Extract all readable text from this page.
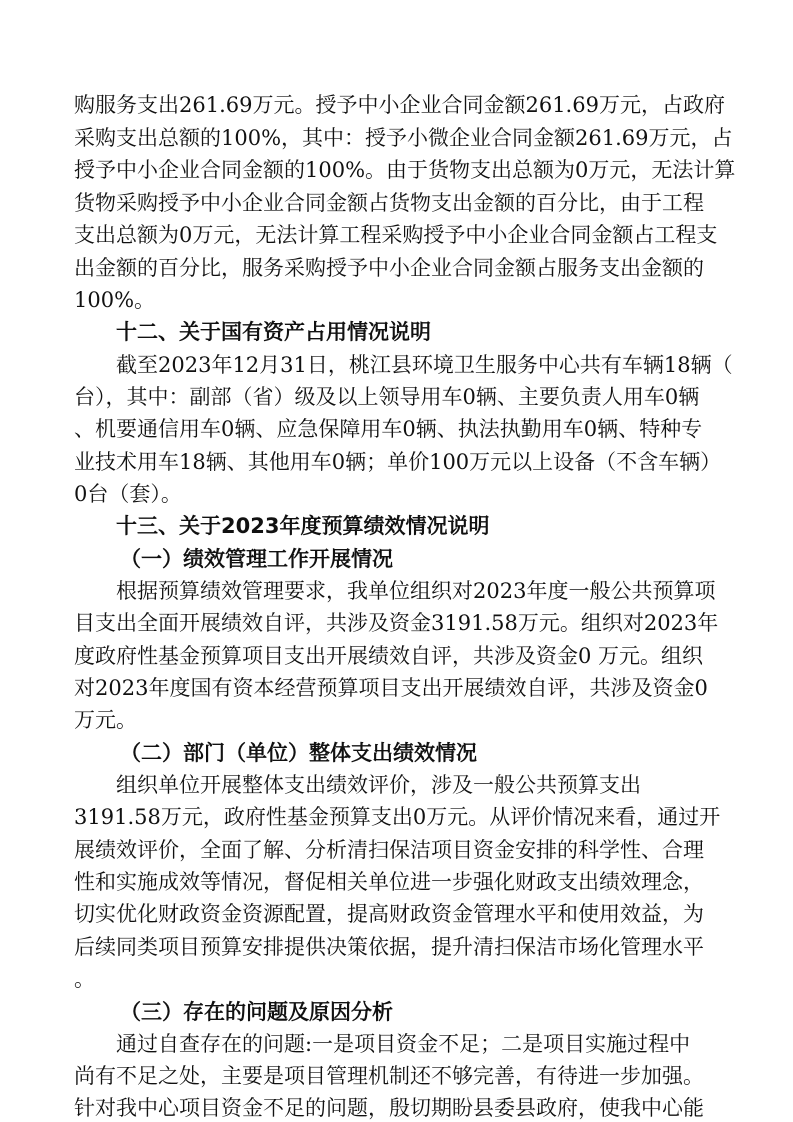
购服务支出261.69万元。授予中小企业合同金额261.69万元，占政府
采购支出总额的100%，其中：授予小微企业合同金额261.69万元，占
授予中小企业合同金额的100%。由于货物支出总额为0万元，无法计算
货物采购授予中小企业合同金额占货物支出金额的百分比，由于工程
支出总额为0万元，无法计算工程采购授予中小企业合同金额占工程支
出金额的百分比，服务采购授予中小企业合同金额占服务支出金额的
100%。
十二、关于国有资产占用情况说明
截至2023年12月31日，桃江县环境卫生服务中心共有车辆18辆（
台），其中：副部（省）级及以上领导用车0辆、主要负责人用车0辆
、机要通信用车0辆、应急保障用车0辆、执法执勤用车0辆、特种专
业技术用车18辆、其他用车0辆；单价100万元以上设备（不含车辆）
0台（套）。
十三、关于2023年度预算绩效情况说明
（一）绩效管理工作开展情况
根据预算绩效管理要求，我单位组织对2023年度一般公共预算项
目支出全面开展绩效自评，共涉及资金3191.58万元。组织对2023年
度政府性基金预算项目支出开展绩效自评，共涉及资金0 万元。组织
对2023年度国有资本经营预算项目支出开展绩效自评，共涉及资金0
万元。
（二）部门（单位）整体支出绩效情况
组织单位开展整体支出绩效评价，涉及一般公共预算支出
3191.58万元，政府性基金预算支出0万元。从评价情况来看，通过开
展绩效评价，全面了解、分析清扫保洁项目资金安排的科学性、合理
性和实施成效等情况，督促相关单位进一步强化财政支出绩效理念，
切实优化财政资金资源配置，提高财政资金管理水平和使用效益，为
后续同类项目预算安排提供决策依据，提升清扫保洁市场化管理水平
。
（三）存在的问题及原因分析
通过自查存在的问题:一是项目资金不足；二是项目实施过程中
尚有不足之处，主要是项目管理机制还不够完善，有待进一步加强。
针对我中心项目资金不足的问题，殷切期盼县委县政府，使我中心能
